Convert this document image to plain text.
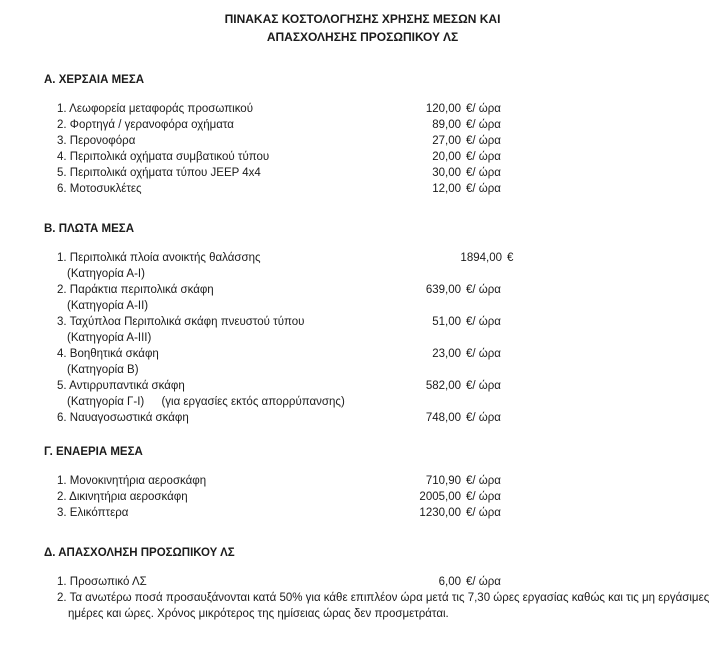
ΠΙΝΑΚΑΣ ΚΟΣΤΟΛΟΓΗΣΗΣ ΧΡΗΣΗΣ ΜΕΣΩΝ ΚΑΙ
ΑΠΑΣΧΟΛΗΣΗΣ ΠΡΟΣΩΠΙΚΟΥ ΛΣ
Α. ΧΕΡΣΑΙΑ ΜΕΣΑ
1. Λεωφορεία μεταφοράς προσωπικού	120,00 €/ ώρα
2. Φορτηγά / γερανοφόρα οχήματα	89,00 €/ ώρα
3. Περονοφόρα	27,00 €/ ώρα
4. Περιπολικά οχήματα συμβατικού τύπου	20,00 €/ ώρα
5. Περιπολικά οχήματα τύπου JEEP 4x4	30,00 €/ ώρα
6. Μοτοσυκλέτες	12,00 €/ ώρα
Β. ΠΛΩΤΑ ΜΕΣΑ
1. Περιπολικά πλοία ανοικτής θαλάσσης	1894,00 €
(Κατηγορία Α-I)
2. Παράκτια περιπολικά σκάφη	639,00 €/ ώρα
(Κατηγορία Α-II)
3. Ταχύπλοα Περιπολικά σκάφη πνευστού τύπου	51,00 €/ ώρα
(Κατηγορία Α-III)
4. Βοηθητικά σκάφη	23,00 €/ ώρα
(Κατηγορία Β)
5. Αντιρρυπαντικά σκάφη	582,00 €/ ώρα
(Κατηγορία Γ-I) (για εργασίες εκτός απορρύπανσης)
6. Ναυαγοσωστικά σκάφη	748,00 €/ ώρα
Γ. ΕΝΑΕΡΙΑ ΜΕΣΑ
1. Μονοκινητήρια αεροσκάφη	710,90 €/ ώρα
2. Δικινητήρια αεροσκάφη	2005,00 €/ ώρα
3. Ελικόπτερα	1230,00 €/ ώρα
Δ. ΑΠΑΣΧΟΛΗΣΗ ΠΡΟΣΩΠΙΚΟΥ ΛΣ
1. Προσωπικό ΛΣ	6,00 €/ ώρα
2. Τα ανωτέρω ποσά προσαυξάνονται κατά 50% για κάθε επιπλέον ώρα μετά τις 7,30 ώρες εργασίας καθώς και τις μη εργάσιμες ημέρες και ώρες. Χρόνος μικρότερος της ημίσειας ώρας δεν προσμετράται.
